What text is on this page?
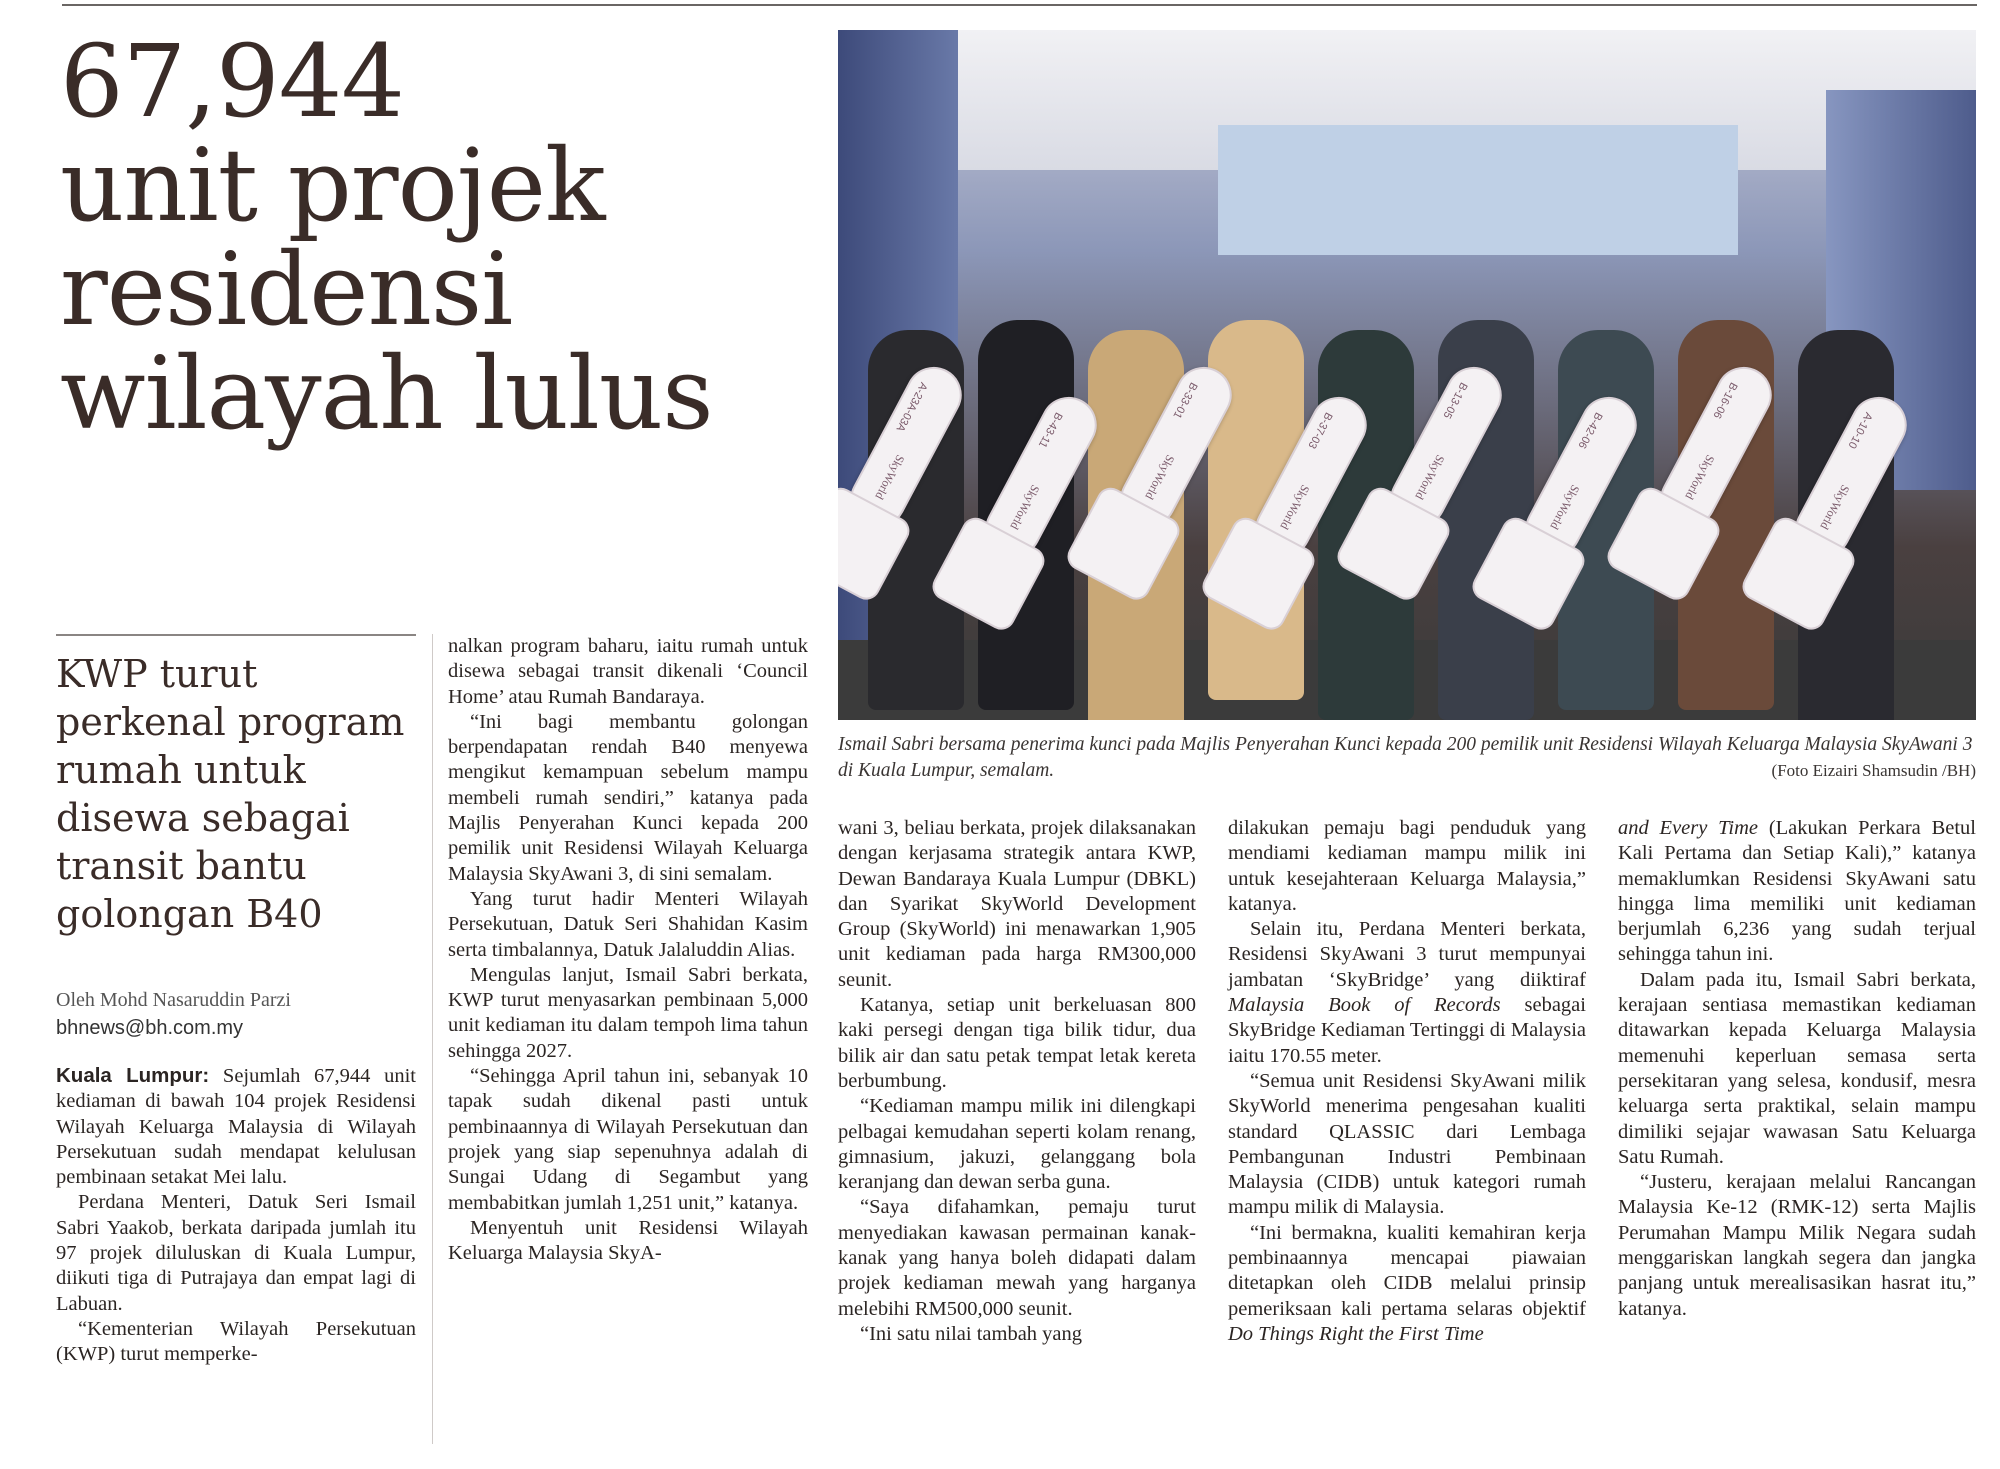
67,944
unit projek
residensi
wilayah lulus	A-23A-03A
SkyWorld
B-43-11
SkyWorld
B-33-01
SkyWorld
B-37-03
SkyWorld
B-13-05
SkyWorld
B-42-06
SkyWorld
B-16-06
SkyWorld
A-10-10
SkyWorld
Ismail Sabri bersama penerima kunci pada Majlis Penyerahan Kunci kepada 200 pemilik unit Residensi Wilayah Keluarga Malaysia SkyAwani 3 di Kuala Lumpur, semalam.	(Foto Eizairi Shamsudin /BH)
KWP turut
perkenal program
rumah untuk
disewa sebagai
transit bantu
golongan B40
Oleh Mohd Nasaruddin Parzi
bhnews@bh.com.my

Kuala Lumpur: Sejumlah 67,944 unit kediaman di bawah 104 projek Residensi Wilayah Keluarga Malaysia di Wilayah Persekutuan sudah mendapat kelulusan pembinaan setakat Mei lalu.

Perdana Menteri, Datuk Seri Ismail Sabri Yaakob, berkata daripada jumlah itu 97 projek diluluskan di Kuala Lumpur, diikuti tiga di Putrajaya dan empat lagi di Labuan.

“Kementerian Wilayah Persekutuan (KWP) turut memperke-

nalkan program baharu, iaitu rumah untuk disewa sebagai transit dikenali ‘Council Home’ atau Rumah Bandaraya.

“Ini bagi membantu golongan berpendapatan rendah B40 menyewa mengikut kemampuan sebelum mampu membeli rumah sendiri,” katanya pada Majlis Penyerahan Kunci kepada 200 pemilik unit Residensi Wilayah Keluarga Malaysia SkyAwani 3, di sini semalam.

Yang turut hadir Menteri Wilayah Persekutuan, Datuk Seri Shahidan Kasim serta timbalannya, Datuk Jalaluddin Alias.

Mengulas lanjut, Ismail Sabri berkata, KWP turut menyasarkan pembinaan 5,000 unit kediaman itu dalam tempoh lima tahun sehingga 2027.

“Sehingga April tahun ini, sebanyak 10 tapak sudah dikenal pasti untuk pembinaannya di Wilayah Persekutuan dan projek yang siap sepenuhnya adalah di Sungai Udang di Segambut yang membabitkan jumlah 1,251 unit,” katanya.

Menyentuh unit Residensi Wilayah Keluarga Malaysia SkyA-

wani 3, beliau berkata, projek dilaksanakan dengan kerjasama strategik antara KWP, Dewan Bandaraya Kuala Lumpur (DBKL) dan Syarikat SkyWorld Development Group (SkyWorld) ini menawarkan 1,905 unit kediaman pada harga RM300,000 seunit.

Katanya, setiap unit berkeluasan 800 kaki persegi dengan tiga bilik tidur, dua bilik air dan satu petak tempat letak kereta berbumbung.

“Kediaman mampu milik ini dilengkapi pelbagai kemudahan seperti kolam renang, gimnasium, jakuzi, gelanggang bola keranjang dan dewan serba guna.

“Saya difahamkan, pemaju turut menyediakan kawasan permainan kanak-kanak yang hanya boleh didapati dalam projek kediaman mewah yang harganya melebihi RM500,000 seunit.

“Ini satu nilai tambah yang

dilakukan pemaju bagi penduduk yang mendiami kediaman mampu milik ini untuk kesejahteraan Keluarga Malaysia,” katanya.

Selain itu, Perdana Menteri berkata, Residensi SkyAwani 3 turut mempunyai jambatan ‘SkyBridge’ yang diiktiraf Malaysia Book of Records sebagai SkyBridge Kediaman Tertinggi di Malaysia iaitu 170.55 meter.

“Semua unit Residensi SkyAwani milik SkyWorld menerima pengesahan kualiti standard QLASSIC dari Lembaga Pembangunan Industri Pembinaan Malaysia (CIDB) untuk kategori rumah mampu milik di Malaysia.

“Ini bermakna, kualiti kemahiran kerja pembinaannya mencapai piawaian ditetapkan oleh CIDB melalui prinsip pemeriksaan kali pertama selaras objektif Do Things Right the First Time

and Every Time (Lakukan Perkara Betul Kali Pertama dan Setiap Kali),” katanya memaklumkan Residensi SkyAwani satu hingga lima memiliki unit kediaman berjumlah 6,236 yang sudah terjual sehingga tahun ini.

Dalam pada itu, Ismail Sabri berkata, kerajaan sentiasa memastikan kediaman ditawarkan kepada Keluarga Malaysia memenuhi keperluan semasa serta persekitaran yang selesa, kondusif, mesra keluarga serta praktikal, selain mampu dimiliki sejajar wawasan Satu Keluarga Satu Rumah.

“Justeru, kerajaan melalui Rancangan Malaysia Ke-12 (RMK-12) serta Majlis Perumahan Mampu Milik Negara sudah menggariskan langkah segera dan jangka panjang untuk merealisasikan hasrat itu,” katanya.
